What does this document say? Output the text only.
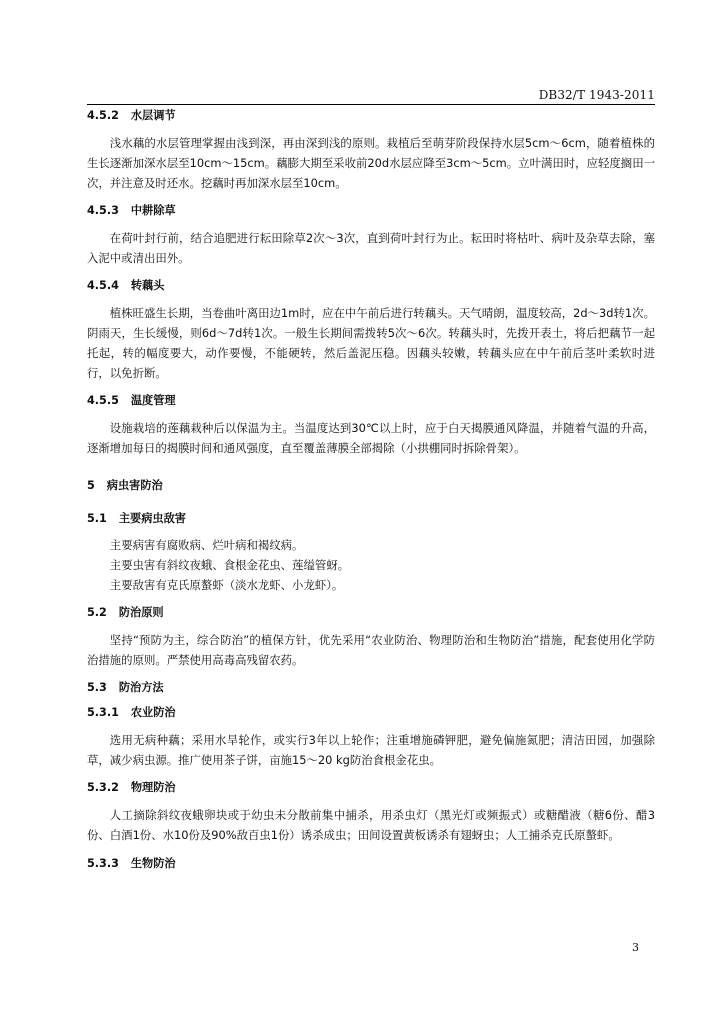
DB32/T 1943-2011
4.5.2 水层调节

浅水藕的水层管理掌握由浅到深，再由深到浅的原则。栽植后至萌芽阶段保持水层5cm～6cm，随着植株的生长逐渐加深水层至10cm～15cm。藕膨大期至采收前20d水层应降至3cm～5cm。立叶满田时，应轻度搁田一次，并注意及时还水。挖藕时再加深水层至10cm。

4.5.3 中耕除草

在荷叶封行前，结合追肥进行耘田除草2次～3次，直到荷叶封行为止。耘田时将枯叶、病叶及杂草去除，塞入泥中或清出田外。

4.5.4 转藕头

植株旺盛生长期，当卷曲叶离田边1m时，应在中午前后进行转藕头。天气晴朗，温度较高，2d～3d转1次。阴雨天，生长缓慢，则6d～7d转1次。一般生长期间需拨转5次～6次。转藕头时，先拨开表土，将后把藕节一起托起，转的幅度要大，动作要慢，不能硬转，然后盖泥压稳。因藕头较嫩，转藕头应在中午前后茎叶柔软时进行，以免折断。

4.5.5 温度管理

设施栽培的莲藕栽种后以保温为主。当温度达到30℃以上时，应于白天揭膜通风降温，并随着气温的升高，逐渐增加每日的揭膜时间和通风强度，直至覆盖薄膜全部揭除（小拱棚同时拆除骨架）。

5 病虫害防治
5.1 主要病虫敌害

主要病害有腐败病、烂叶病和褐纹病。

主要虫害有斜纹夜蛾、食根金花虫、莲缢管蚜。

主要敌害有克氏原螯虾（淡水龙虾、小龙虾）。

5.2 防治原则

坚持“预防为主，综合防治”的植保方针，优先采用“农业防治、物理防治和生物防治”措施，配套使用化学防治措施的原则。严禁使用高毒高残留农药。

5.3 防治方法
5.3.1 农业防治

选用无病种藕；采用水旱轮作，或实行3年以上轮作；注重增施磷钾肥，避免偏施氮肥；清洁田园，加强除草，减少病虫源。推广使用茶子饼，亩施15～20 kg防治食根金花虫。

5.3.2 物理防治

人工摘除斜纹夜蛾卵块或于幼虫未分散前集中捕杀，用杀虫灯（黑光灯或频振式）或糖醋液（糖6份、醋3份、白酒1份、水10份及90%敌百虫1份）诱杀成虫；田间设置黄板诱杀有翅蚜虫；人工捕杀克氏原螯虾。

5.3.3 生物防治
3
